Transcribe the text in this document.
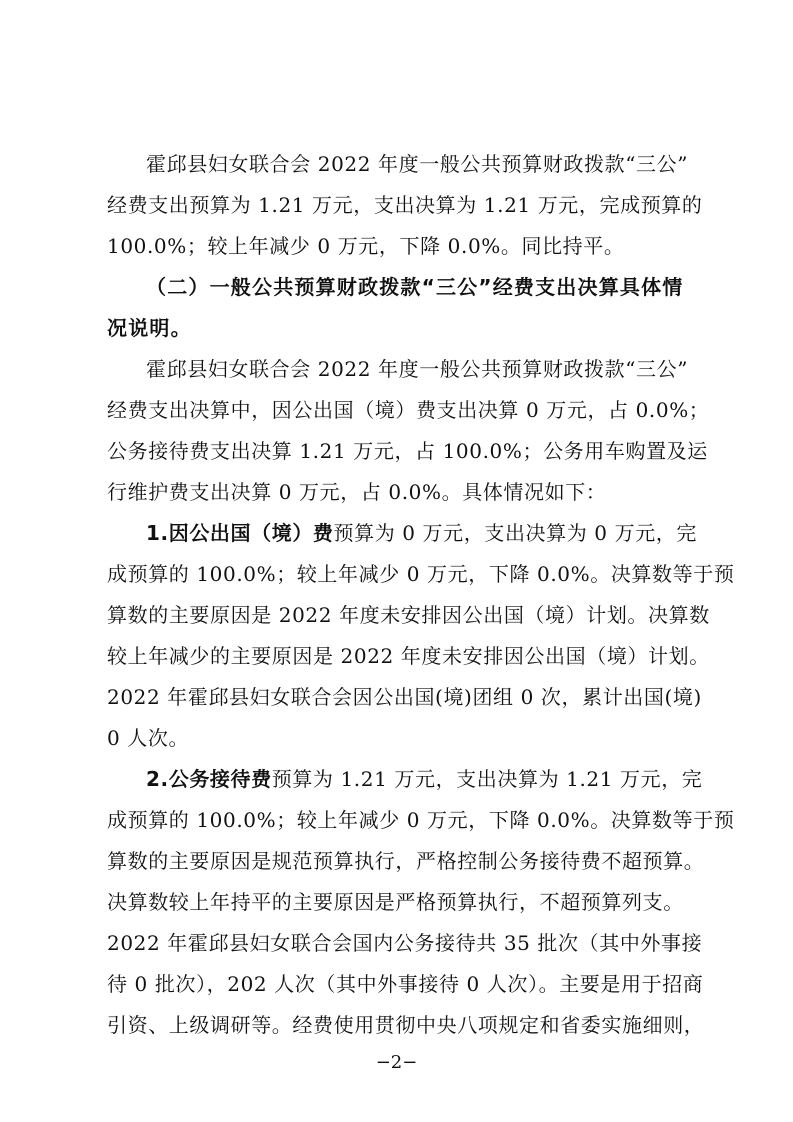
霍邱县妇女联合会 2022 年度一般公共预算财政拨款“三公”
经费支出预算为 1.21 万元，支出决算为 1.21 万元，完成预算的
100.0%；较上年减少 0 万元，下降 0.0%。同比持平。
（二）一般公共预算财政拨款“三公”经费支出决算具体情
况说明。
霍邱县妇女联合会 2022 年度一般公共预算财政拨款“三公”
经费支出决算中，因公出国（境）费支出决算 0 万元，占 0.0%；
公务接待费支出决算 1.21 万元，占 100.0%；公务用车购置及运
行维护费支出决算 0 万元，占 0.0%。具体情况如下：
1.因公出国（境）费预算为 0 万元，支出决算为 0 万元，完
成预算的 100.0%；较上年减少 0 万元，下降 0.0%。决算数等于预
算数的主要原因是 2022 年度未安排因公出国（境）计划。决算数
较上年减少的主要原因是 2022 年度未安排因公出国（境）计划。
2022 年霍邱县妇女联合会因公出国(境)团组 0 次，累计出国(境)
0 人次。
2.公务接待费预算为 1.21 万元，支出决算为 1.21 万元，完
成预算的 100.0%；较上年减少 0 万元，下降 0.0%。决算数等于预
算数的主要原因是规范预算执行，严格控制公务接待费不超预算。
决算数较上年持平的主要原因是严格预算执行，不超预算列支。
2022 年霍邱县妇女联合会国内公务接待共 35 批次（其中外事接
待 0 批次），202 人次（其中外事接待 0 人次）。主要是用于招商
引资、上级调研等。经费使用贯彻中央八项规定和省委实施细则，
−2−
